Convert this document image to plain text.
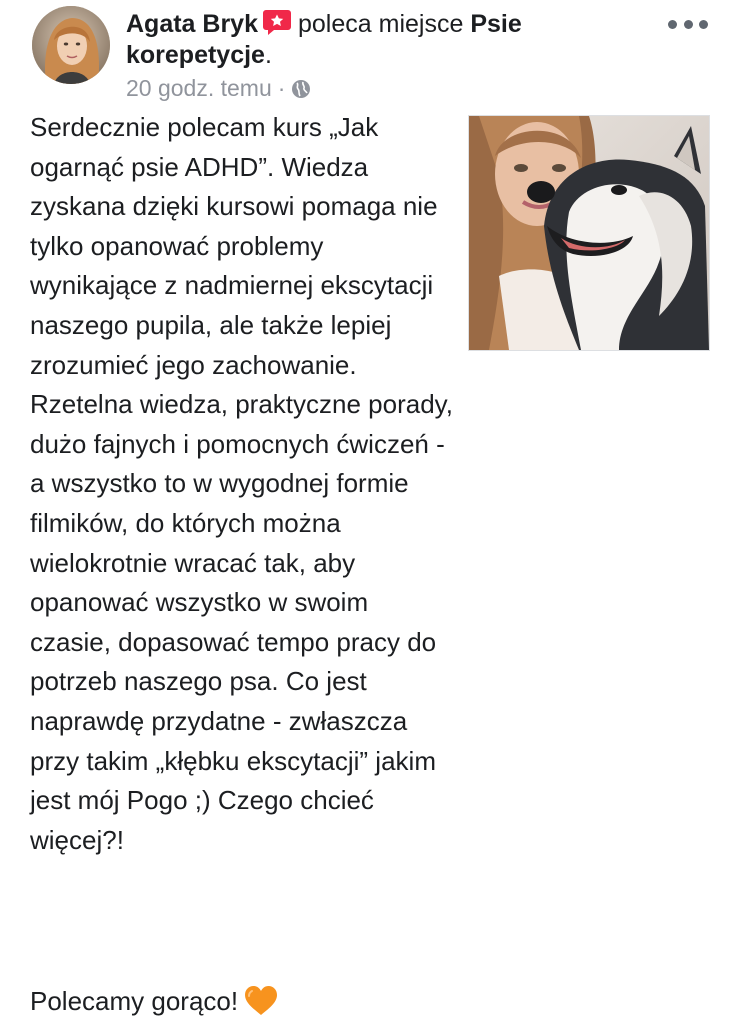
Agata Bryk poleca miejsce Psie
korepetycje.
20 godz. temu ·

Serdecznie polecam kurs „Jak ogarnąć psie ADHD”. Wiedza zyskana dzięki kursowi pomaga nie tylko opanować problemy wynikające z nadmiernej ekscytacji naszego pupila, ale także lepiej zrozumieć jego zachowanie. Rzetelna wiedza, praktyczne porady, dużo fajnych i pomocnych ćwiczeń - a wszystko to w wygodnej formie filmików, do których można wielokrotnie wracać tak, aby opanować wszystko w swoim czasie, dopasować tempo pracy do potrzeb naszego psa. Co jest naprawdę przydatne - zwłaszcza przy takim „kłębku ekscytacji” jakim jest mój Pogo ;) Czego chcieć więcej?!

Polecamy gorąco!
